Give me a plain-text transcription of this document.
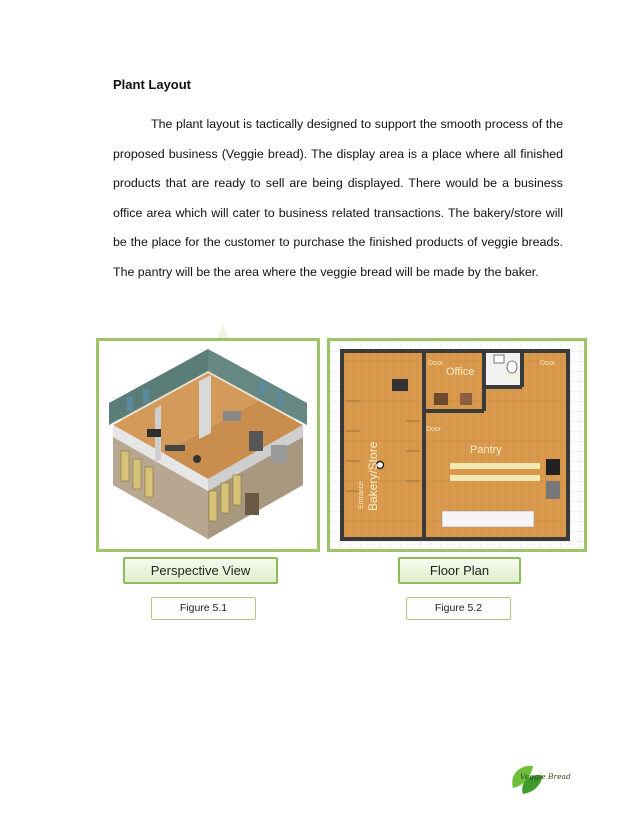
Plant Layout

The plant layout is tactically designed to support the smooth process of the proposed business (Veggie bread). The display area is a place where all finished products that are ready to sell are being displayed. There would be a business office area which will cater to business related transactions. The bakery/store will be the place for the customer to purchase the finished products of veggie breads. The pantry will be the area where the veggie bread will be made by the baker.

Door
Office
CR
Door
Door
Pantry
Bakery/Store
Entrance
Perspective View	Floor Plan
Figure 5.1	Figure 5.2
Veggie Bread
